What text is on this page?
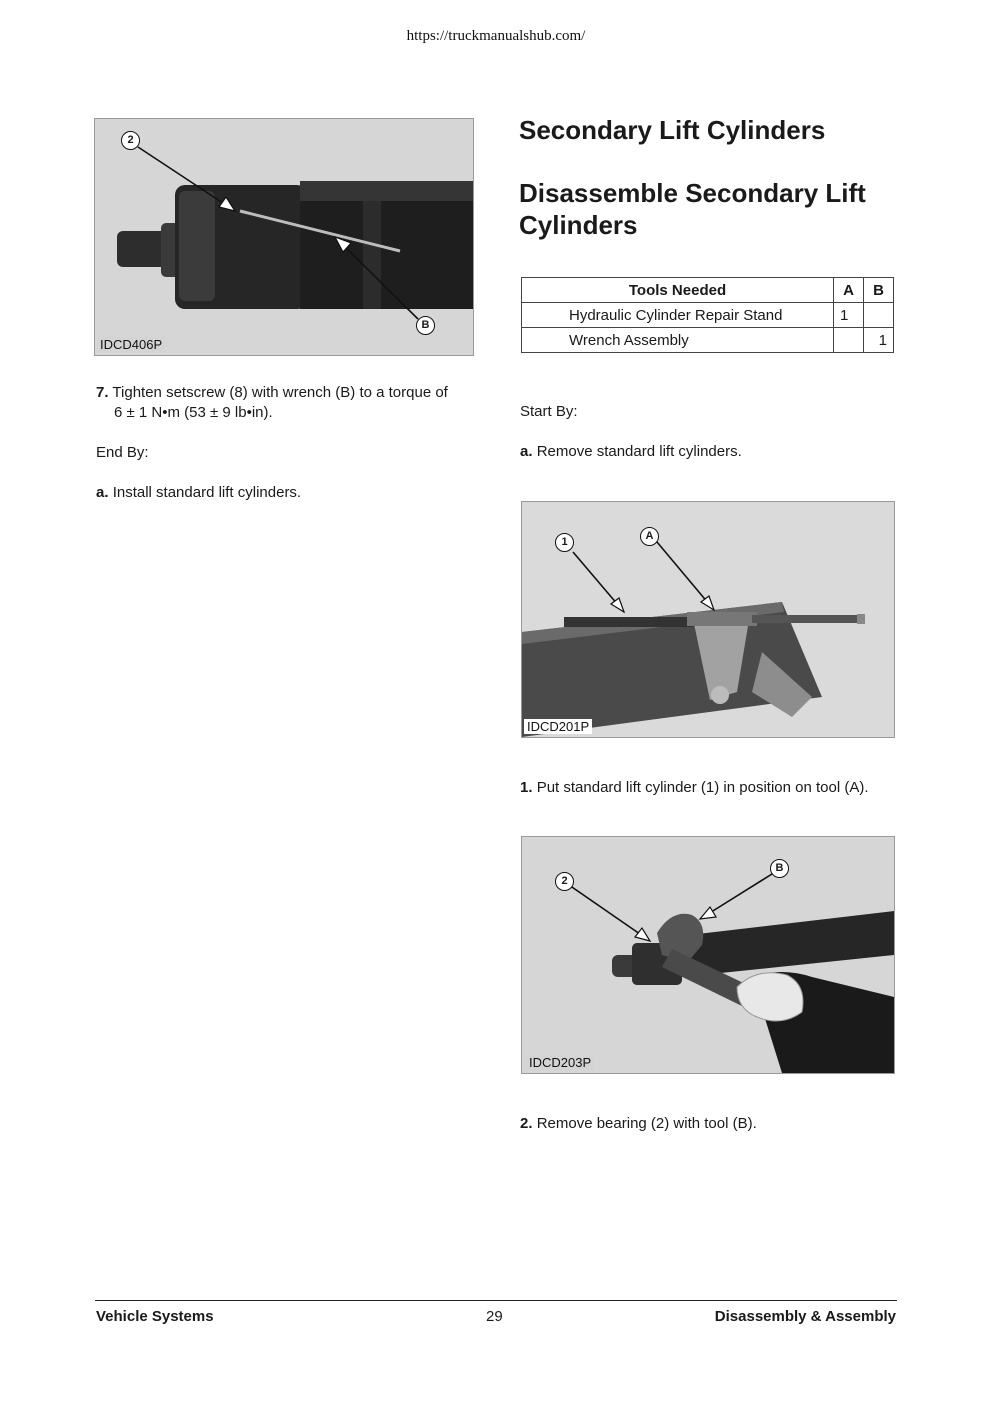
https://truckmanualshub.com/
2
B
IDCD406P
7. Tighten setscrew (8) with wrench (B) to a torque of
6 ± 1 N•m (53 ± 9 lb•in).
End By:
a. Install standard lift cylinders.
Secondary Lift Cylinders
Disassemble Secondary Lift
Cylinders
Tools Needed	A	B
Hydraulic Cylinder Repair Stand	1	
Wrench Assembly		1
Start By:
a. Remove standard lift cylinders.
1	A
IDCD201P
1. Put standard lift cylinder (1) in position on tool (A).
2
B
IDCD203P
2. Remove bearing (2) with tool (B).
Vehicle Systems	29	Disassembly & Assembly
